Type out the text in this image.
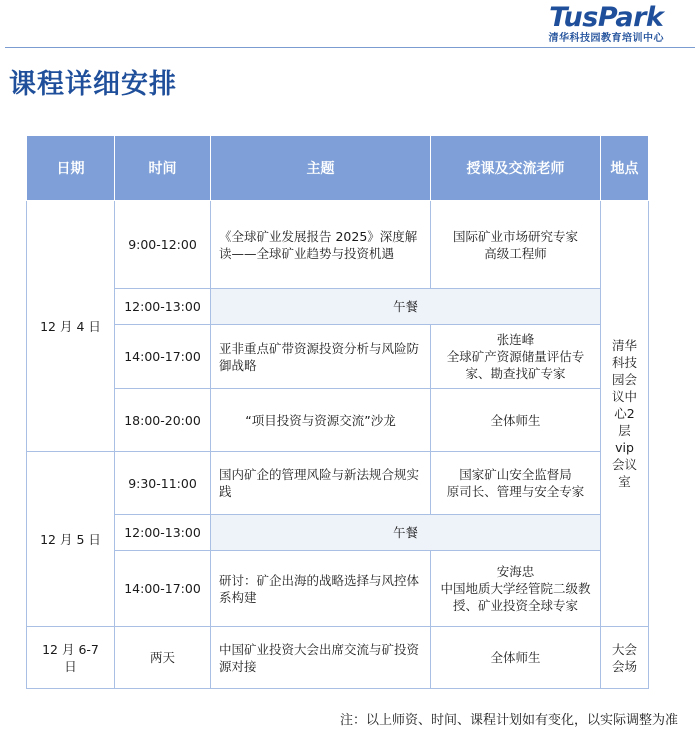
TusPark
清华科技园教育培训中心
课程详细安排
日期	时间	主题	授课及交流老师	地点
12 月 4 日	9:00-12:00	《全球矿业发展报告 2025》深度解读——全球矿业趋势与投资机遇	国际矿业市场研究专家
高级工程师	清华科技园会议中心2层vip会议室
	12:00-13:00	午餐		
	14:00-17:00	亚非重点矿带资源投资分析与风险防御战略	张连峰
全球矿产资源储量评估专家、勘查找矿专家	
	18:00-20:00	“项目投资与资源交流”沙龙	全体师生	
12 月 5 日	9:30-11:00	国内矿企的管理风险与新法规合规实践	国家矿山安全监督局
原司长、管理与安全专家	
	12:00-13:00	午餐		
	14:00-17:00	研讨：矿企出海的战略选择与风控体系构建	安海忠
中国地质大学经管院二级教授、矿业投资全球专家	
12 月 6-7 日	两天	中国矿业投资大会出席交流与矿投资源对接	全体师生	大会会场
注：以上师资、时间、课程计划如有变化，以实际调整为准
